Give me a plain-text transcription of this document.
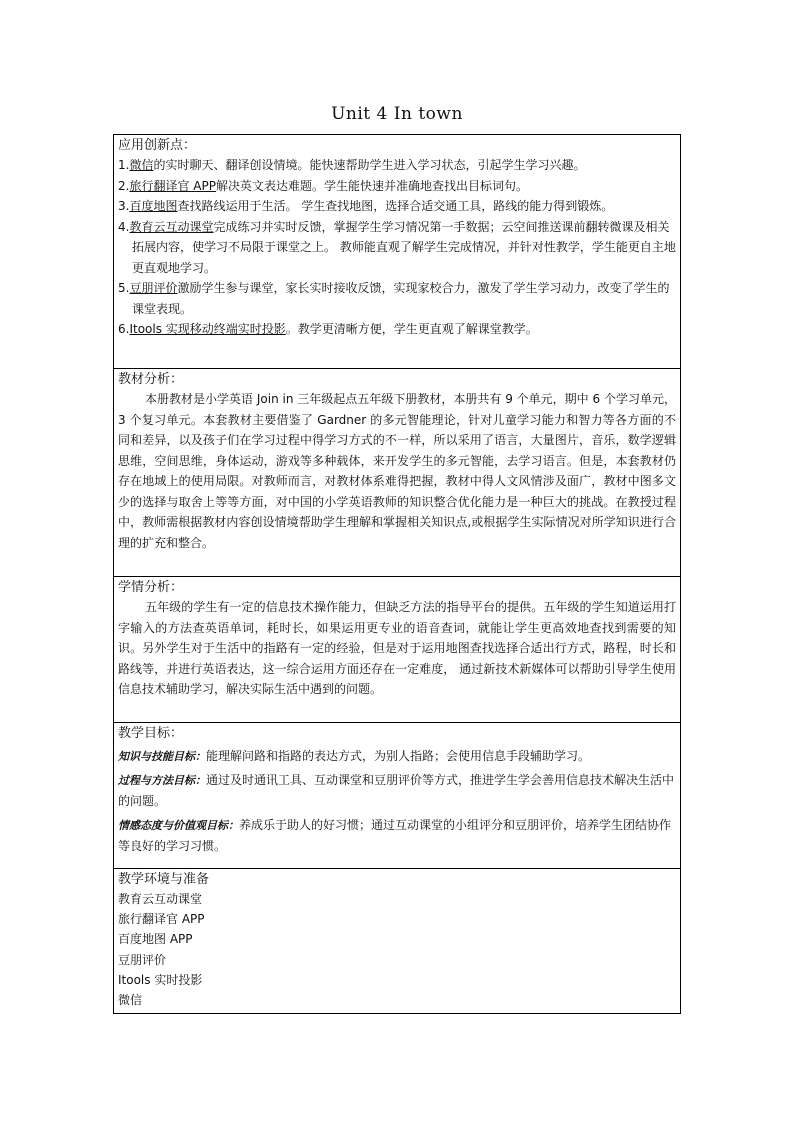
Unit 4 In town
应用创新点：
1.微信的实时聊天、翻译创设情境。能快速帮助学生进入学习状态，引起学生学习兴趣。
2.旅行翻译官 APP解决英文表达难题。学生能快速并准确地查找出目标词句。
3.百度地图查找路线运用于生活。 学生查找地图，选择合适交通工具，路线的能力得到锻炼。
4.教育云互动课堂完成练习并实时反馈，掌握学生学习情况第一手数据；云空间推送课前翻转微课及相关拓展内容，使学习不局限于课堂之上。 教师能直观了解学生完成情况，并针对性教学，学生能更自主地更直观地学习。
5.豆朋评价激励学生参与课堂，家长实时接收反馈，实现家校合力，激发了学生学习动力，改变了学生的课堂表现。
6.Itools 实现移动终端实时投影。教学更清晰方便，学生更直观了解课堂教学。
教材分析：
本册教材是小学英语 Join in 三年级起点五年级下册教材，本册共有 9 个单元，期中 6 个学习单元，3 个复习单元。本套教材主要借鉴了 Gardner 的多元智能理论，针对儿童学习能力和智力等各方面的不同和差异，以及孩子们在学习过程中得学习方式的不一样，所以采用了语言，大量图片，音乐，数学逻辑思维，空间思维，身体运动，游戏等多种载体，来开发学生的多元智能，去学习语言。但是，本套教材仍存在地域上的使用局限。对教师而言，对教材体系难得把握，教材中得人文风情涉及面广，教材中图多文少的选择与取舍上等等方面，对中国的小学英语教师的知识整合优化能力是一种巨大的挑战。在教授过程中，教师需根据教材内容创设情境帮助学生理解和掌握相关知识点,或根据学生实际情况对所学知识进行合理的扩充和整合。
学情分析：
五年级的学生有一定的信息技术操作能力，但缺乏方法的指导平台的提供。五年级的学生知道运用打字输入的方法查英语单词，耗时长，如果运用更专业的语音查词，就能让学生更高效地查找到需要的知识。另外学生对于生活中的指路有一定的经验，但是对于运用地图查找选择合适出行方式，路程，时长和路线等，并进行英语表达，这一综合运用方面还存在一定难度， 通过新技术新媒体可以帮助引导学生使用信息技术辅助学习，解决实际生活中遇到的问题。
教学目标：
知识与技能目标：能理解问路和指路的表达方式，为别人指路；会使用信息手段辅助学习。
过程与方法目标：通过及时通讯工具、互动课堂和豆朋评价等方式，推进学生学会善用信息技术解决生活中的问题。
情感态度与价值观目标：养成乐于助人的好习惯；通过互动课堂的小组评分和豆朋评价，培养学生团结协作等良好的学习习惯。
教学环境与准备
教育云互动课堂
旅行翻译官 APP
百度地图 APP
豆朋评价
Itools 实时投影
微信
